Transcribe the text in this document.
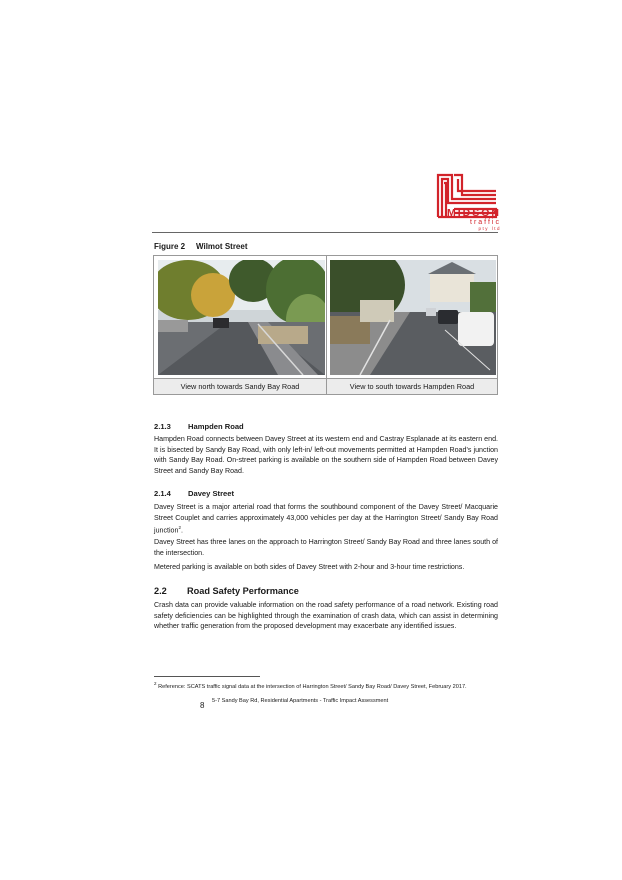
MIDSON
traffic
pty ltd
Figure 2 Wilmot Street
View north towards Sandy Bay Road	View to south towards Hampden Road
2.1.3 Hampden Road
Hampden Road connects between Davey Street at its western end and Castray Esplanade at its eastern end. It is bisected by Sandy Bay Road, with only left-in/ left-out movements permitted at Hampden Road’s junction with Sandy Bay Road. On-street parking is available on the southern side of Hampden Road between Davey Street and Sandy Bay Road.
2.1.4 Davey Street
Davey Street is a major arterial road that forms the southbound component of the Davey Street/ Macquarie Street Couplet and carries approximately 43,000 vehicles per day at the Harrington Street/ Sandy Bay Road junction$^2$.
Davey Street has three lanes on the approach to Harrington Street/ Sandy Bay Road and three lanes south of the intersection.
Metered parking is available on both sides of Davey Street with 2-hour and 3-hour time restrictions.
2.2 Road Safety Performance
Crash data can provide valuable information on the road safety performance of a road network. Existing road safety deficiencies can be highlighted through the examination of crash data, which can assist in determining whether traffic generation from the proposed development may exacerbate any identified issues.
$^2$ Reference: SCATS traffic signal data at the intersection of Harrington Street/ Sandy Bay Road/ Davey Street, February 2017.
8 5-7 Sandy Bay Rd, Residential Apartments - Traffic Impact Assessment
